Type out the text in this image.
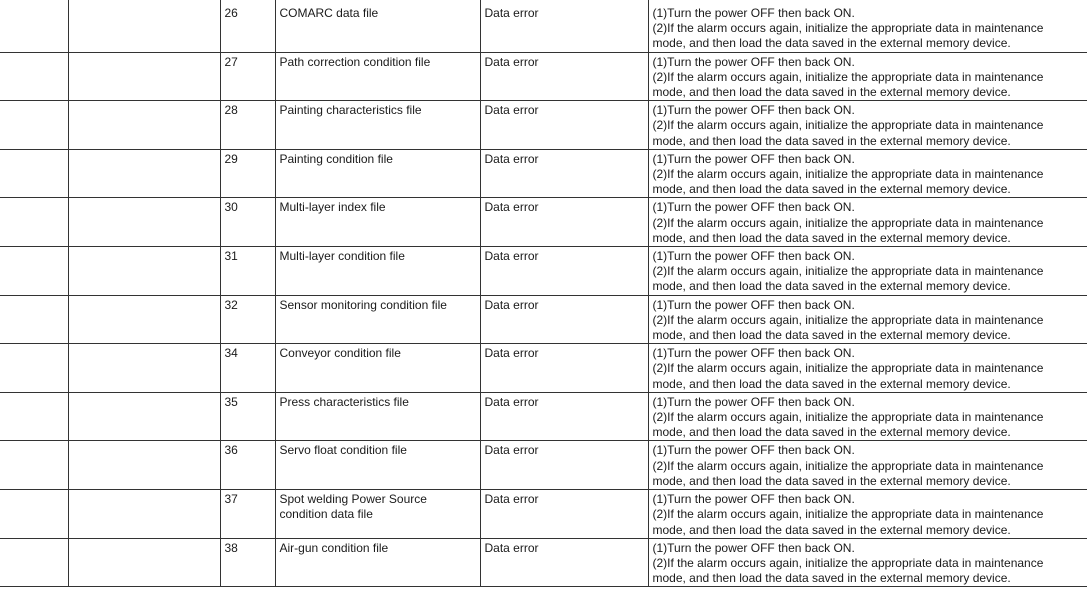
		26	COMARC data file	Data error	(1)Turn the power OFF then back ON.
(2)If the alarm occurs again, initialize the appropriate data in maintenance
mode, and then load the data saved in the external memory device.

		27	Path correction condition file	Data error	(1)Turn the power OFF then back ON.
(2)If the alarm occurs again, initialize the appropriate data in maintenance
mode, and then load the data saved in the external memory device.

		28	Painting characteristics file	Data error	(1)Turn the power OFF then back ON.
(2)If the alarm occurs again, initialize the appropriate data in maintenance
mode, and then load the data saved in the external memory device.

		29	Painting condition file	Data error	(1)Turn the power OFF then back ON.
(2)If the alarm occurs again, initialize the appropriate data in maintenance
mode, and then load the data saved in the external memory device.

		30	Multi-layer index file	Data error	(1)Turn the power OFF then back ON.
(2)If the alarm occurs again, initialize the appropriate data in maintenance
mode, and then load the data saved in the external memory device.

		31	Multi-layer condition file	Data error	(1)Turn the power OFF then back ON.
(2)If the alarm occurs again, initialize the appropriate data in maintenance
mode, and then load the data saved in the external memory device.

		32	Sensor monitoring condition file	Data error	(1)Turn the power OFF then back ON.
(2)If the alarm occurs again, initialize the appropriate data in maintenance
mode, and then load the data saved in the external memory device.

		34	Conveyor condition file	Data error	(1)Turn the power OFF then back ON.
(2)If the alarm occurs again, initialize the appropriate data in maintenance
mode, and then load the data saved in the external memory device.

		35	Press characteristics file	Data error	(1)Turn the power OFF then back ON.
(2)If the alarm occurs again, initialize the appropriate data in maintenance
mode, and then load the data saved in the external memory device.

		36	Servo float condition file	Data error	(1)Turn the power OFF then back ON.
(2)If the alarm occurs again, initialize the appropriate data in maintenance
mode, and then load the data saved in the external memory device.

		37	Spot welding Power Source condition data file	Data error	(1)Turn the power OFF then back ON.
(2)If the alarm occurs again, initialize the appropriate data in maintenance
mode, and then load the data saved in the external memory device.

		38	Air-gun condition file	Data error	(1)Turn the power OFF then back ON.
(2)If the alarm occurs again, initialize the appropriate data in maintenance
mode, and then load the data saved in the external memory device.
